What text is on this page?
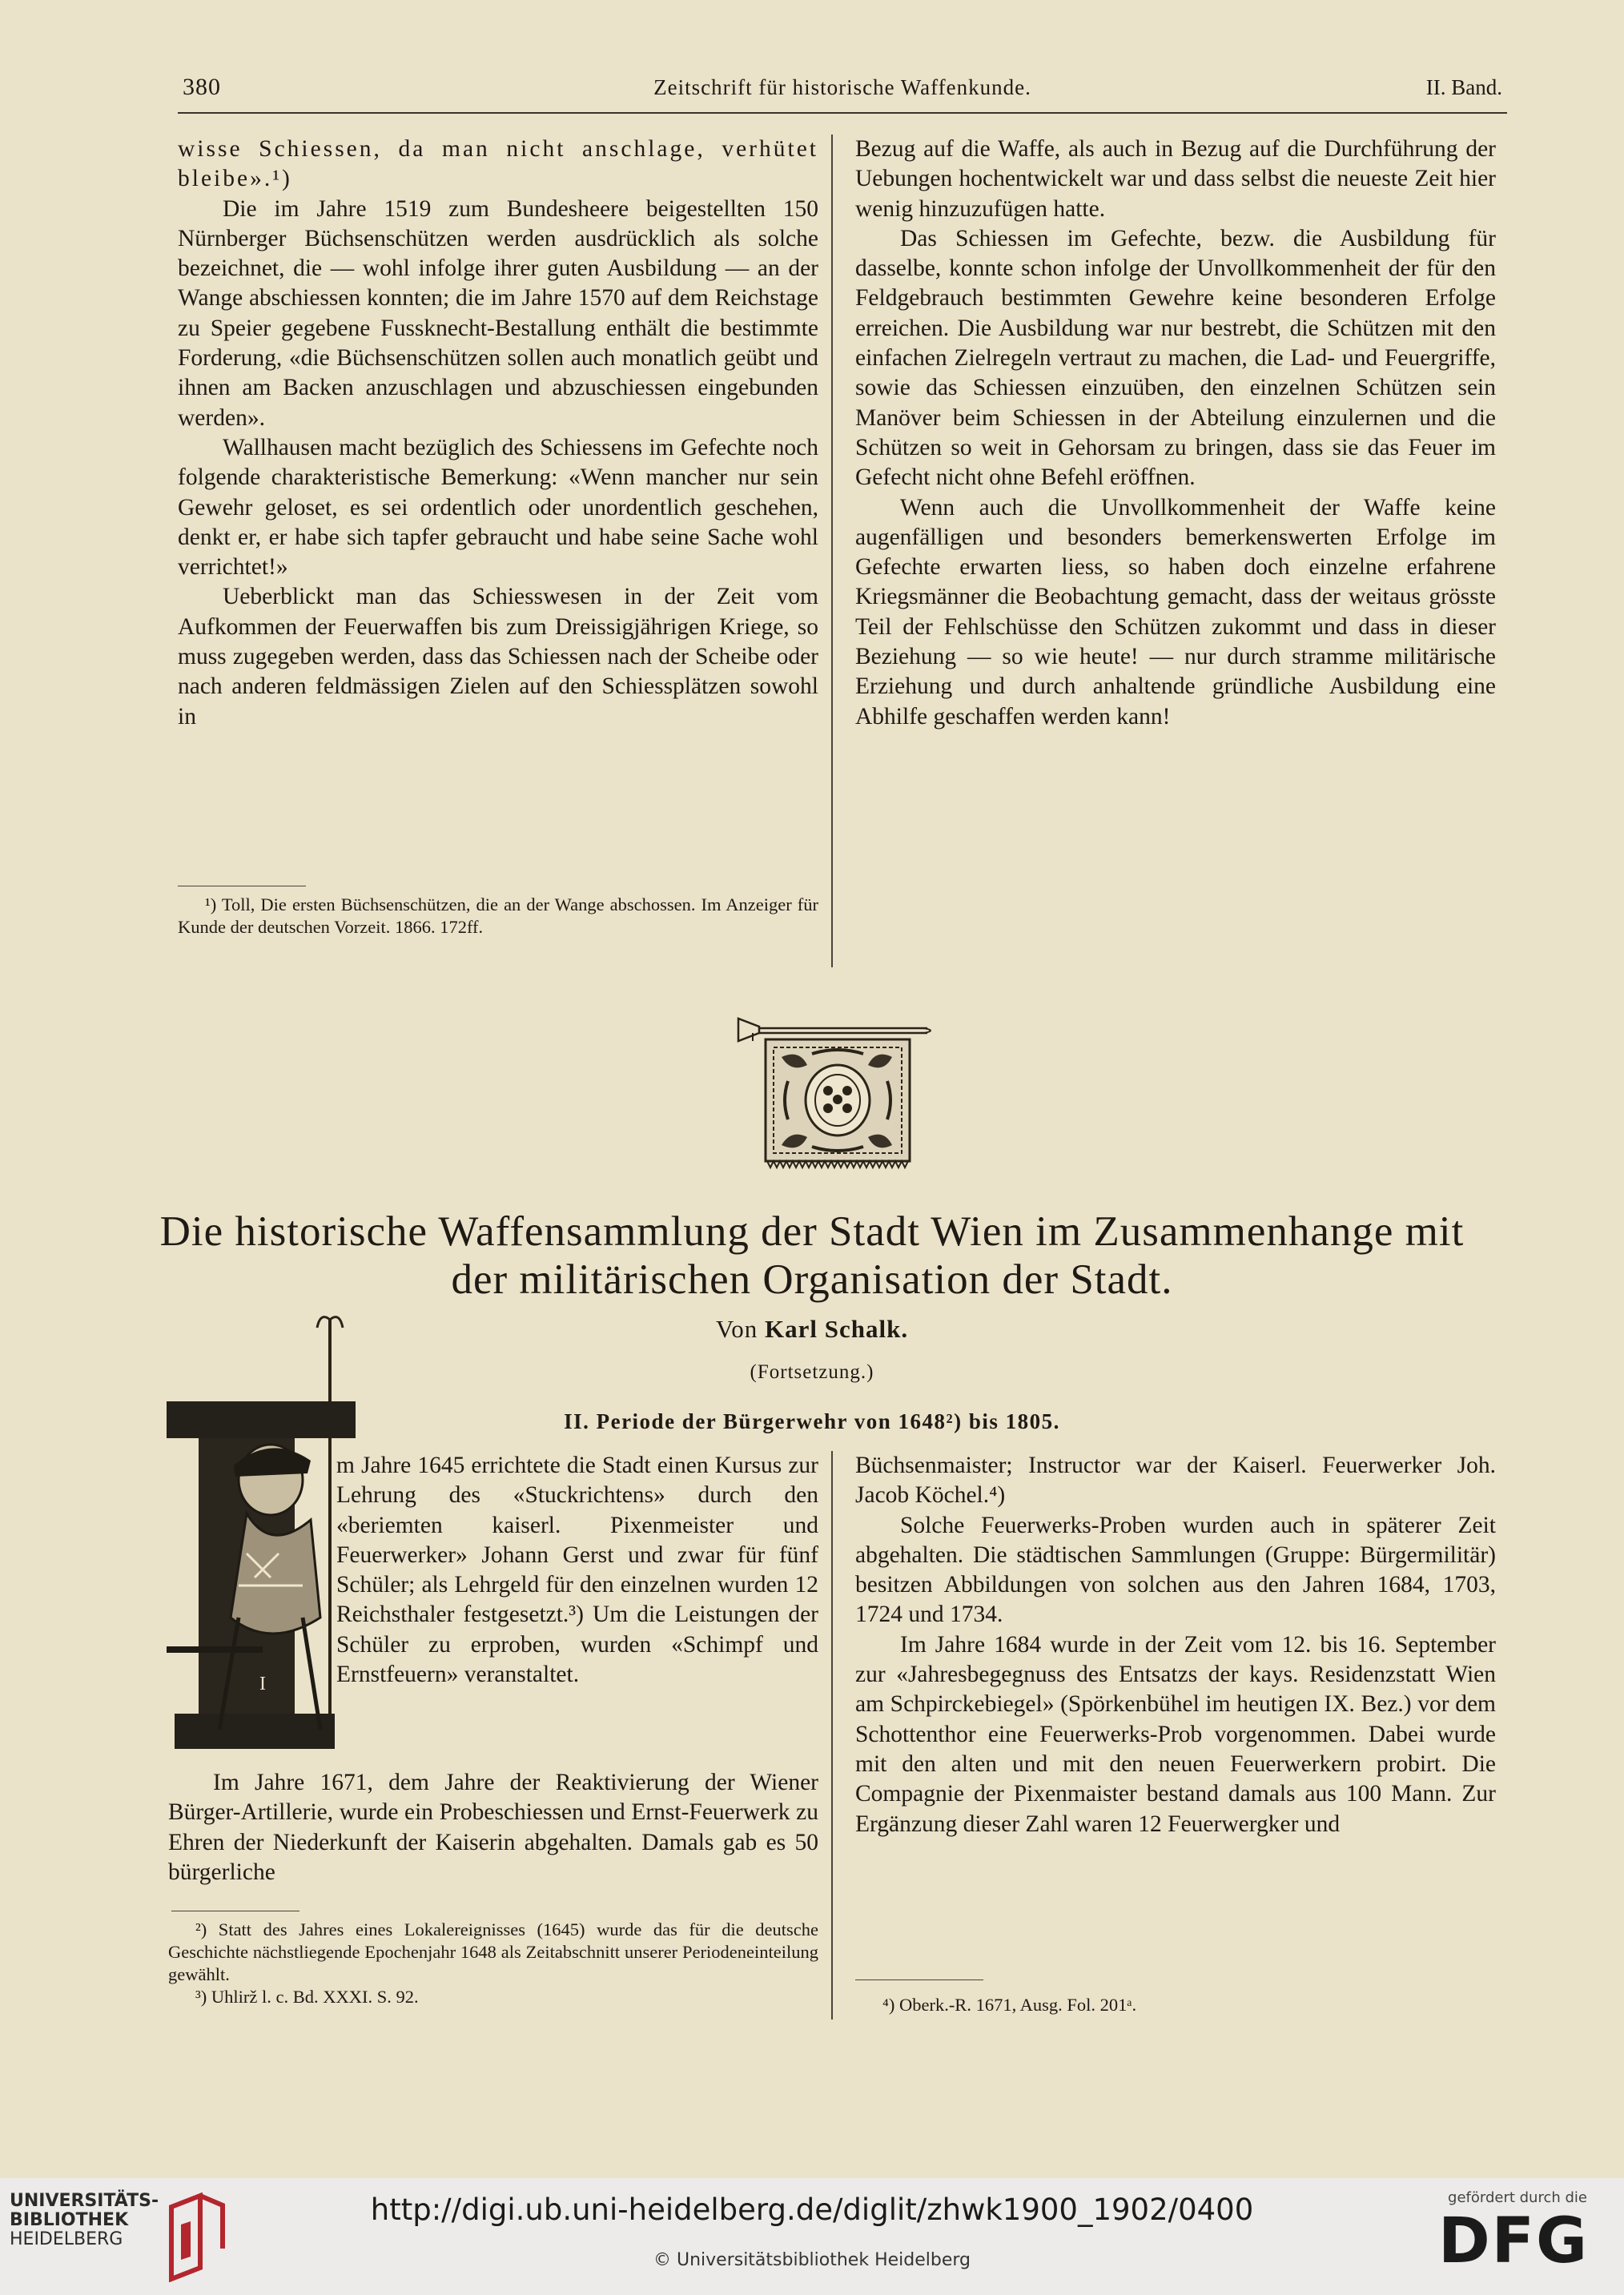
380	Zeitschrift für historische Waffenkunde.	II. Band.

wisse Schiessen, da man nicht anschlage, verhütet bleibe».¹)

Die im Jahre 1519 zum Bundesheere beigestellten 150 Nürnberger Büchsenschützen werden ausdrücklich als solche bezeichnet, die — wohl infolge ihrer guten Ausbildung — an der Wange abschiessen konnten; die im Jahre 1570 auf dem Reichstage zu Speier gegebene Fussknecht-Bestallung enthält die bestimmte Forderung, «die Büchsenschützen sollen auch monatlich geübt und ihnen am Backen anzuschlagen und abzuschiessen eingebunden werden».

Wallhausen macht bezüglich des Schiessens im Gefechte noch folgende charakteristische Bemerkung: «Wenn mancher nur sein Gewehr geloset, es sei ordentlich oder unordentlich geschehen, denkt er, er habe sich tapfer gebraucht und habe seine Sache wohl verrichtet!»

Ueberblickt man das Schiesswesen in der Zeit vom Aufkommen der Feuerwaffen bis zum Dreissigjährigen Kriege, so muss zugegeben werden, dass das Schiessen nach der Scheibe oder nach anderen feldmässigen Zielen auf den Schiessplätzen sowohl in

¹) Toll, Die ersten Büchsenschützen, die an der Wange abschossen. Im Anzeiger für Kunde der deutschen Vorzeit. 1866. 172ff.

Bezug auf die Waffe, als auch in Bezug auf die Durchführung der Uebungen hochentwickelt war und dass selbst die neueste Zeit hier wenig hinzuzufügen hatte.

Das Schiessen im Gefechte, bezw. die Ausbildung für dasselbe, konnte schon infolge der Unvollkommenheit der für den Feldgebrauch bestimmten Gewehre keine besonderen Erfolge erreichen. Die Ausbildung war nur bestrebt, die Schützen mit den einfachen Zielregeln vertraut zu machen, die Lad- und Feuergriffe, sowie das Schiessen einzuüben, den einzelnen Schützen sein Manöver beim Schiessen in der Abteilung einzulernen und die Schützen so weit in Gehorsam zu bringen, dass sie das Feuer im Gefecht nicht ohne Befehl eröffnen.

Wenn auch die Unvollkommenheit der Waffe keine augenfälligen und besonders bemerkenswerten Erfolge im Gefechte erwarten liess, so haben doch einzelne erfahrene Kriegsmänner die Beobachtung gemacht, dass der weitaus grösste Teil der Fehlschüsse den Schützen zukommt und dass in dieser Beziehung — so wie heute! — nur durch stramme militärische Erziehung und durch anhaltende gründliche Ausbildung eine Abhilfe geschaffen werden kann!

Die historische Waffensammlung der Stadt Wien im Zusammenhange mit der militärischen Organisation der Stadt.
Von Karl Schalk.
(Fortsetzung.)
II. Periode der Bürgerwehr von 1648²) bis 1805.
I

m Jahre 1645 errichtete die Stadt einen Kursus zur Lehrung des «Stuckrichtens» durch den «beriemten kaiserl. Pixenmeister und Feuerwerker» Johann Gerst und zwar für fünf Schüler; als Lehrgeld für den einzelnen wurden 12 Reichsthaler festgesetzt.³) Um die Leistungen der Schüler zu erproben, wurden «Schimpf und Ernstfeuern» veranstaltet.

Im Jahre 1671, dem Jahre der Reaktivierung der Wiener Bürger-Artillerie, wurde ein Probeschiessen und Ernst-Feuerwerk zu Ehren der Niederkunft der Kaiserin abgehalten. Damals gab es 50 bürgerliche

²) Statt des Jahres eines Lokalereignisses (1645) wurde das für die deutsche Geschichte nächstliegende Epochenjahr 1648 als Zeitabschnitt unserer Periodeneinteilung gewählt.

³) Uhlirž l. c. Bd. XXXI. S. 92.

Büchsenmaister; Instructor war der Kaiserl. Feuerwerker Joh. Jacob Köchel.⁴)

Solche Feuerwerks-Proben wurden auch in späterer Zeit abgehalten. Die städtischen Sammlungen (Gruppe: Bürgermilitär) besitzen Abbildungen von solchen aus den Jahren 1684, 1703, 1724 und 1734.

Im Jahre 1684 wurde in der Zeit vom 12. bis 16. September zur «Jahresbegegnuss des Entsatzs der kays. Residenzstatt Wien am Schpirckebiegel» (Spörkenbühel im heutigen IX. Bez.) vor dem Schottenthor eine Feuerwerks-Prob vorgenommen. Dabei wurde mit den alten und mit den neuen Feuerwerkern probirt. Die Compagnie der Pixenmaister bestand damals aus 100 Mann. Zur Ergänzung dieser Zahl waren 12 Feuerwergker und

⁴) Oberk.-R. 1671, Ausg. Fol. 201ᵃ.

UNIVERSITÄTS-
BIBLIOTHEK
HEIDELBERG
http://digi.ub.uni-heidelberg.de/diglit/zhwk1900_1902/0400
© Universitätsbibliothek Heidelberg
gefördert durch die
DFG
